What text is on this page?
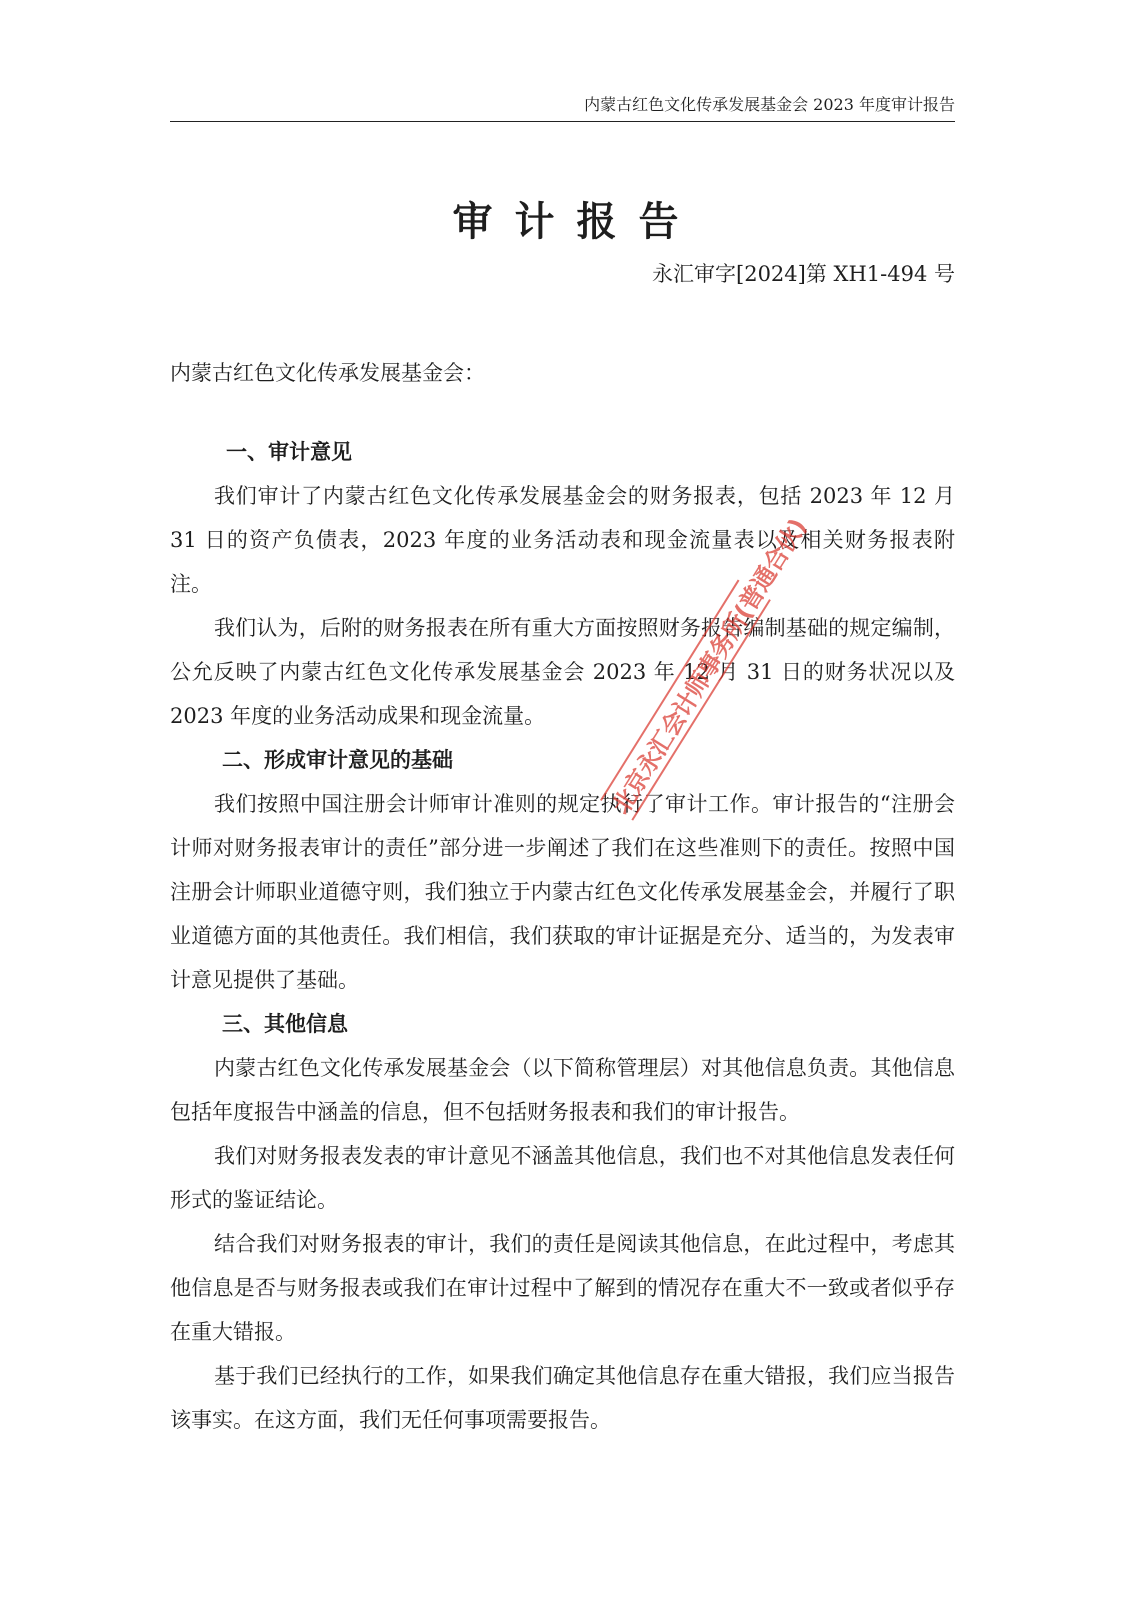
内蒙古红色文化传承发展基金会 2023 年度审计报告
审计报告
永汇审字[2024]第 XH1-494 号
内蒙古红色文化传承发展基金会：
一、审计意见

我们审计了内蒙古红色文化传承发展基金会的财务报表，包括 2023 年 12 月 31 日的资产负债表，2023 年度的业务活动表和现金流量表以及相关财务报表附注。

我们认为，后附的财务报表在所有重大方面按照财务报告编制基础的规定编制，公允反映了内蒙古红色文化传承发展基金会 2023 年 12 月 31 日的财务状况以及 2023 年度的业务活动成果和现金流量。

二、形成审计意见的基础

我们按照中国注册会计师审计准则的规定执行了审计工作。审计报告的“注册会计师对财务报表审计的责任”部分进一步阐述了我们在这些准则下的责任。按照中国注册会计师职业道德守则，我们独立于内蒙古红色文化传承发展基金会，并履行了职业道德方面的其他责任。我们相信，我们获取的审计证据是充分、适当的，为发表审计意见提供了基础。

三、其他信息

内蒙古红色文化传承发展基金会（以下简称管理层）对其他信息负责。其他信息包括年度报告中涵盖的信息，但不包括财务报表和我们的审计报告。

我们对财务报表发表的审计意见不涵盖其他信息，我们也不对其他信息发表任何形式的鉴证结论。

结合我们对财务报表的审计，我们的责任是阅读其他信息，在此过程中，考虑其他信息是否与财务报表或我们在审计过程中了解到的情况存在重大不一致或者似乎存在重大错报。

基于我们已经执行的工作，如果我们确定其他信息存在重大错报，我们应当报告该事实。在这方面，我们无任何事项需要报告。

北京永汇会计师事务所(普通合伙)
